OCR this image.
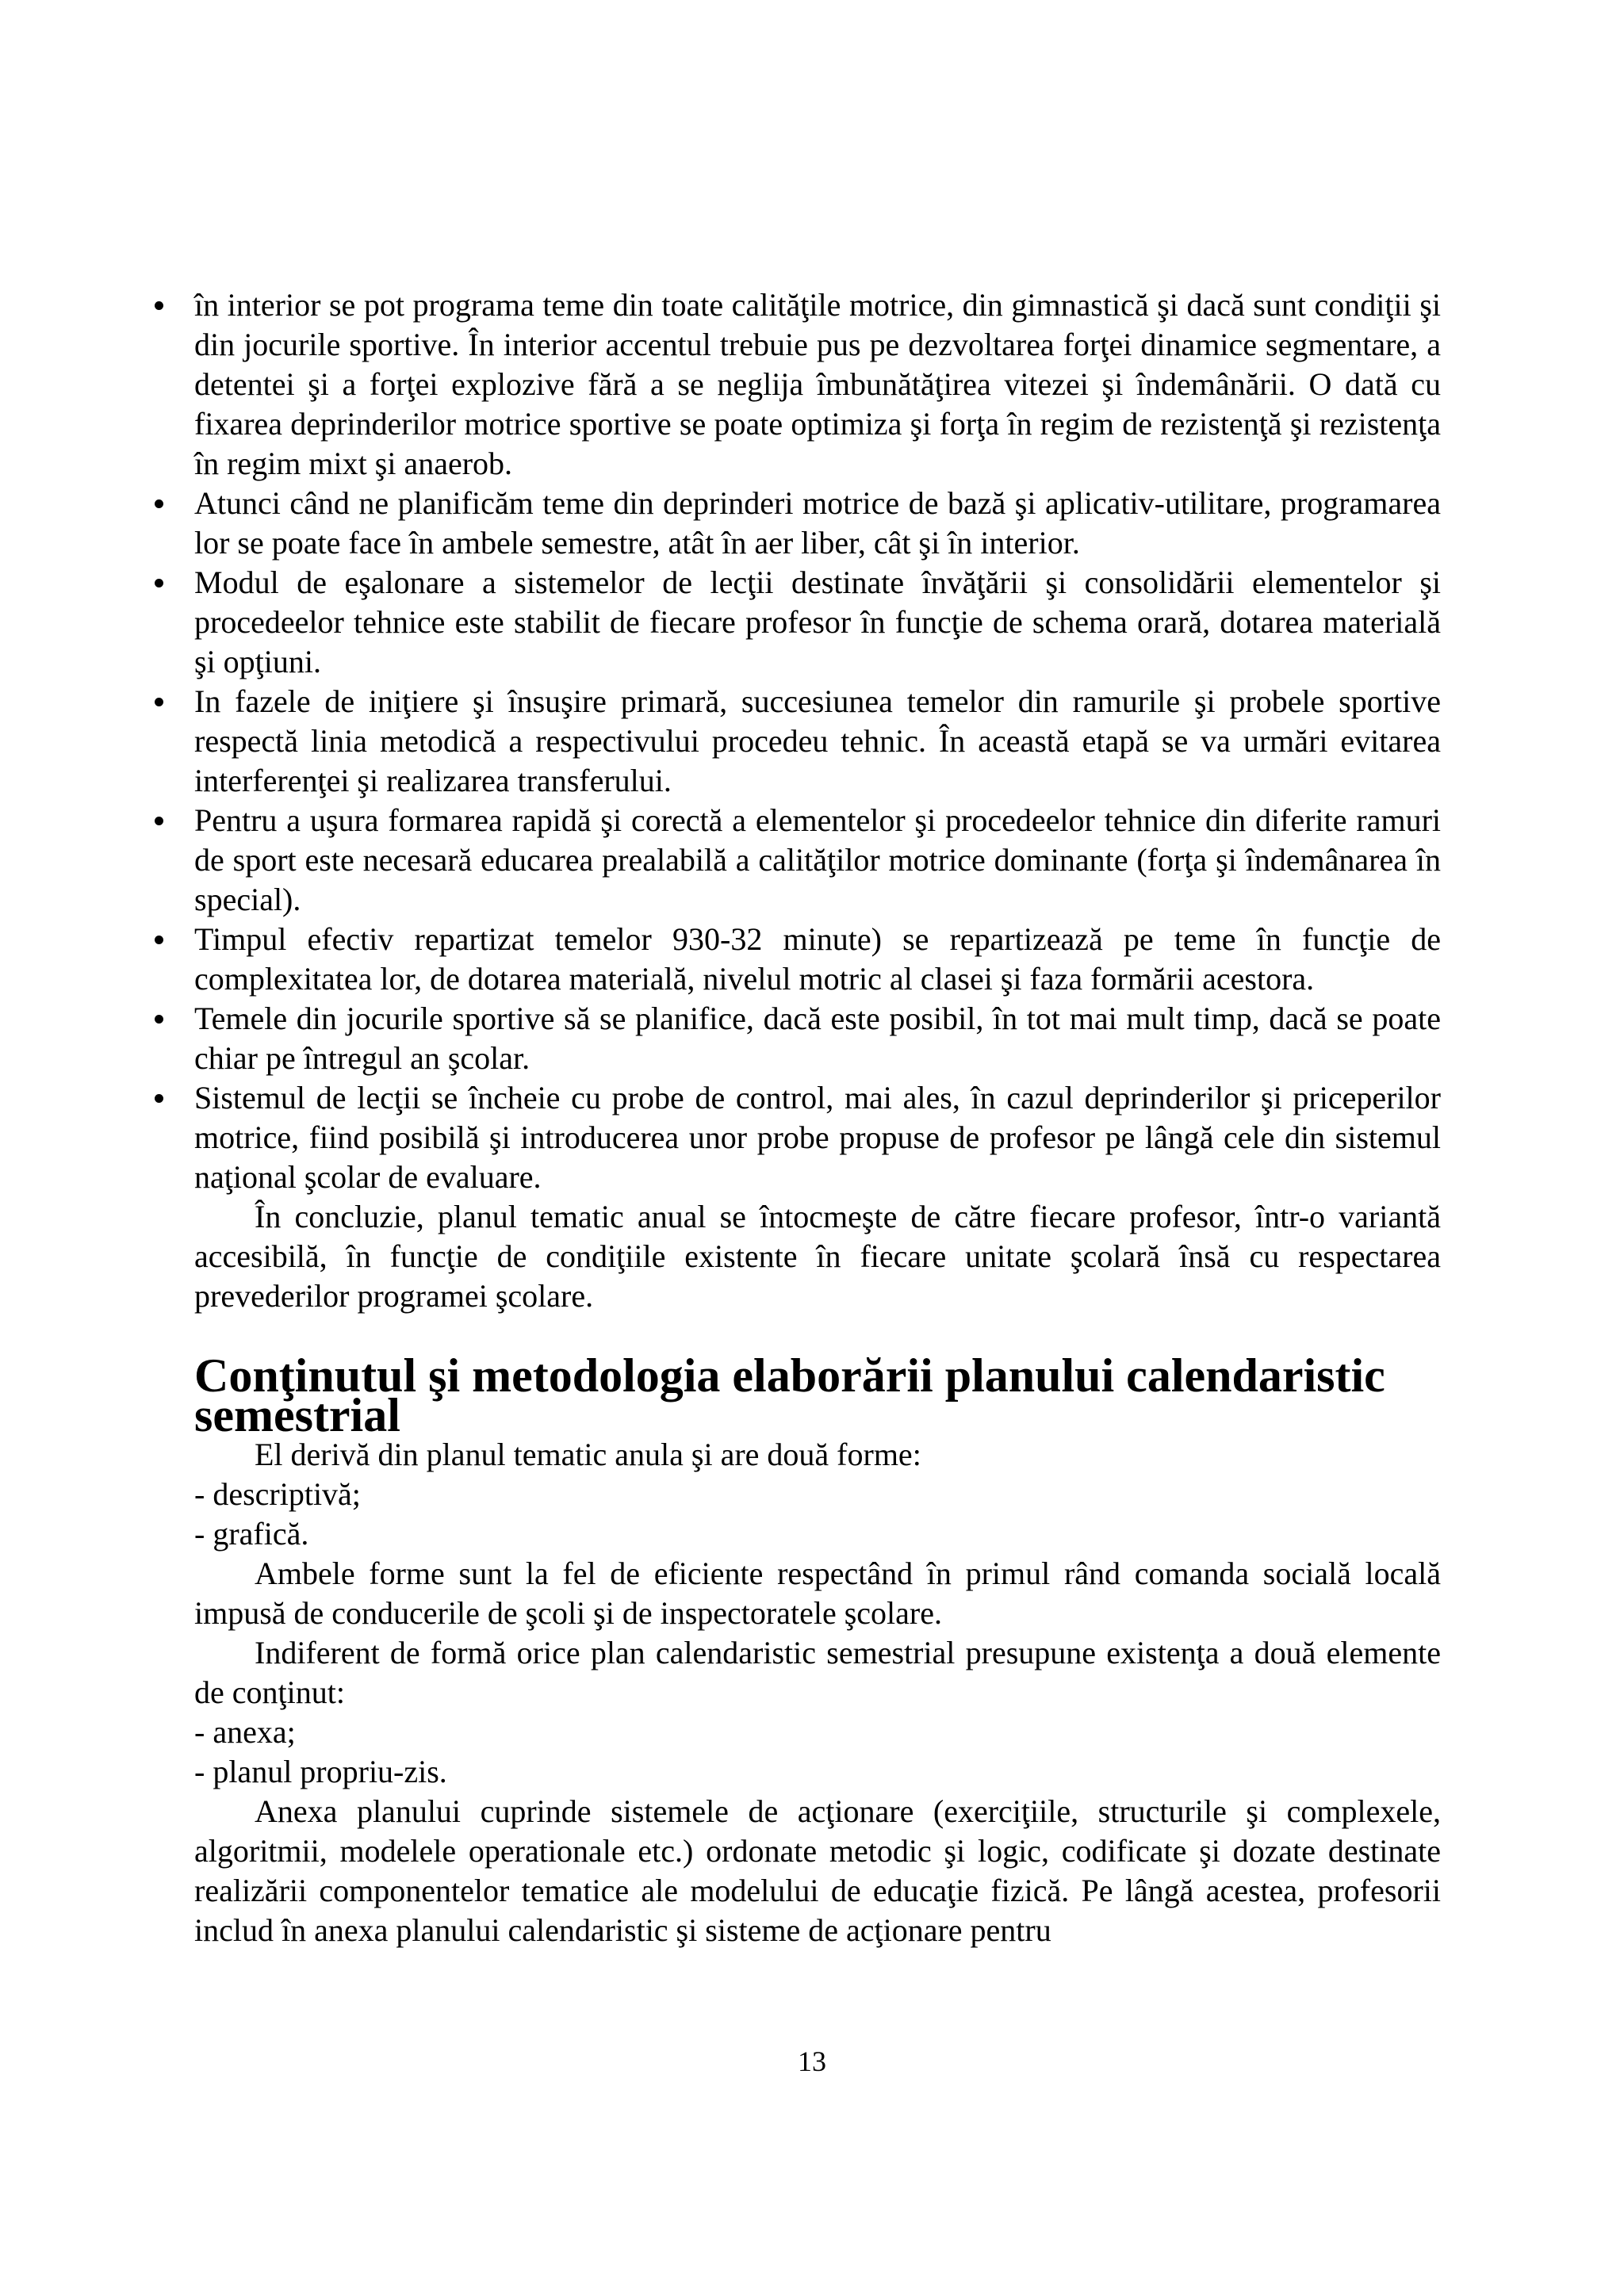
în interior se pot programa teme din toate calităţile motrice, din gimnastică şi dacă sunt condiţii şi din jocurile sportive. În interior accentul trebuie pus pe dezvoltarea forţei dinamice segmentare, a detentei şi a forţei explozive fără a se neglija îmbunătăţirea vitezei şi îndemânării. O dată cu fixarea deprinderilor motrice sportive se poate optimiza şi forţa în regim de rezistenţă şi rezistenţa în regim mixt şi anaerob.
Atunci când ne planificăm teme din deprinderi motrice de bază şi aplicativ-utilitare, programarea lor se poate face în ambele semestre, atât în aer liber, cât şi în interior.
Modul de eşalonare a sistemelor de lecţii destinate învăţării şi consolidării elementelor şi procedeelor tehnice este stabilit de fiecare profesor în funcţie de schema orară, dotarea materială şi opţiuni.
In fazele de iniţiere şi însuşire primară, succesiunea temelor din ramurile şi probele sportive respectă linia metodică a respectivului procedeu tehnic. În această etapă se va urmări evitarea interferenţei şi realizarea transferului.
Pentru a uşura formarea rapidă şi corectă a elementelor şi procedeelor tehnice din diferite ramuri de sport este necesară educarea prealabilă a calităţilor motrice dominante (forţa şi îndemânarea în special).
Timpul efectiv repartizat temelor 930-32 minute) se repartizează pe teme în funcţie de complexitatea lor, de dotarea materială, nivelul motric al clasei şi faza formării acestora.
Temele din jocurile sportive să se planifice, dacă este posibil, în tot mai mult timp, dacă se poate chiar pe întregul an şcolar.
Sistemul de lecţii se încheie cu probe de control, mai ales, în cazul deprinderilor şi priceperilor motrice, fiind posibilă şi introducerea unor probe propuse de profesor pe lângă cele din sistemul naţional şcolar de evaluare.

În concluzie, planul tematic anual se întocmeşte de către fiecare profesor, într-o variantă accesibilă, în funcţie de condiţiile existente în fiecare unitate şcolară însă cu respectarea prevederilor programei şcolare.

Conţinutul şi metodologia elaborării planului calendaristic semestrial

El derivă din planul tematic anula şi are două forme:

- descriptivă;

- grafică.

Ambele forme sunt la fel de eficiente respectând în primul rând comanda socială locală impusă de conducerile de şcoli şi de inspectoratele şcolare.

Indiferent de formă orice plan calendaristic semestrial presupune existenţa a două elemente de conţinut:

- anexa;

- planul propriu-zis.

Anexa planului cuprinde sistemele de acţionare (exerciţiile, structurile şi complexele, algoritmii, modelele operationale etc.) ordonate metodic şi logic, codificate şi dozate destinate realizării componentelor tematice ale modelului de educaţie fizică. Pe lângă acestea, profesorii includ în anexa planului calendaristic şi sisteme de acţionare pentru

13
